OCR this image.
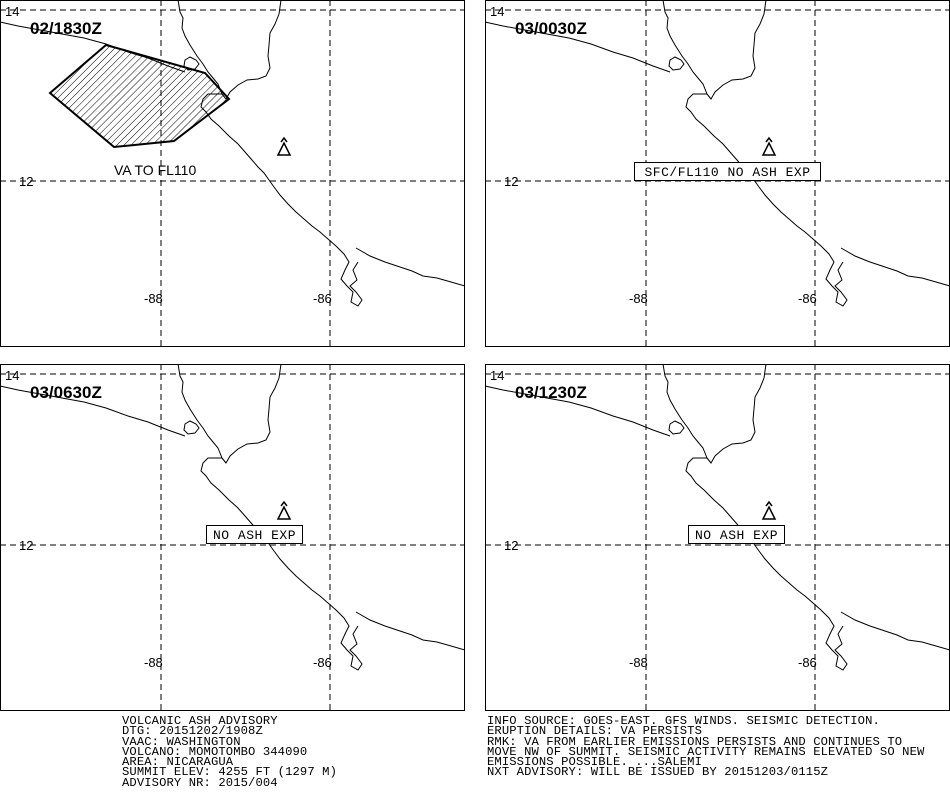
14
12
-88	-86
02/1830Z
VA TO FL110
14
12
-88	-86
03/0030Z
SFC/FL110 NO ASH EXP
14
12
-88	-86
03/0630Z
NO ASH EXP
14
12
-88	-86
03/1230Z
NO ASH EXP
VOLCANIC ASH ADVISORY
DTG: 20151202/1908Z
VAAC: WASHINGTON
VOLCANO: MOMOTOMBO 344090
AREA: NICARAGUA
SUMMIT ELEV: 4255 FT (1297 M)
ADVISORY NR: 2015/004
INFO SOURCE: GOES-EAST. GFS WINDS. SEISMIC DETECTION.
ERUPTION DETAILS: VA PERSISTS
RMK: VA FROM EARLIER EMISSIONS PERSISTS AND CONTINUES TO
MOVE NW OF SUMMIT. SEISMIC ACTIVITY REMAINS ELEVATED SO NEW
EMISSIONS POSSIBLE. ...SALEMI
NXT ADVISORY: WILL BE ISSUED BY 20151203/0115Z
